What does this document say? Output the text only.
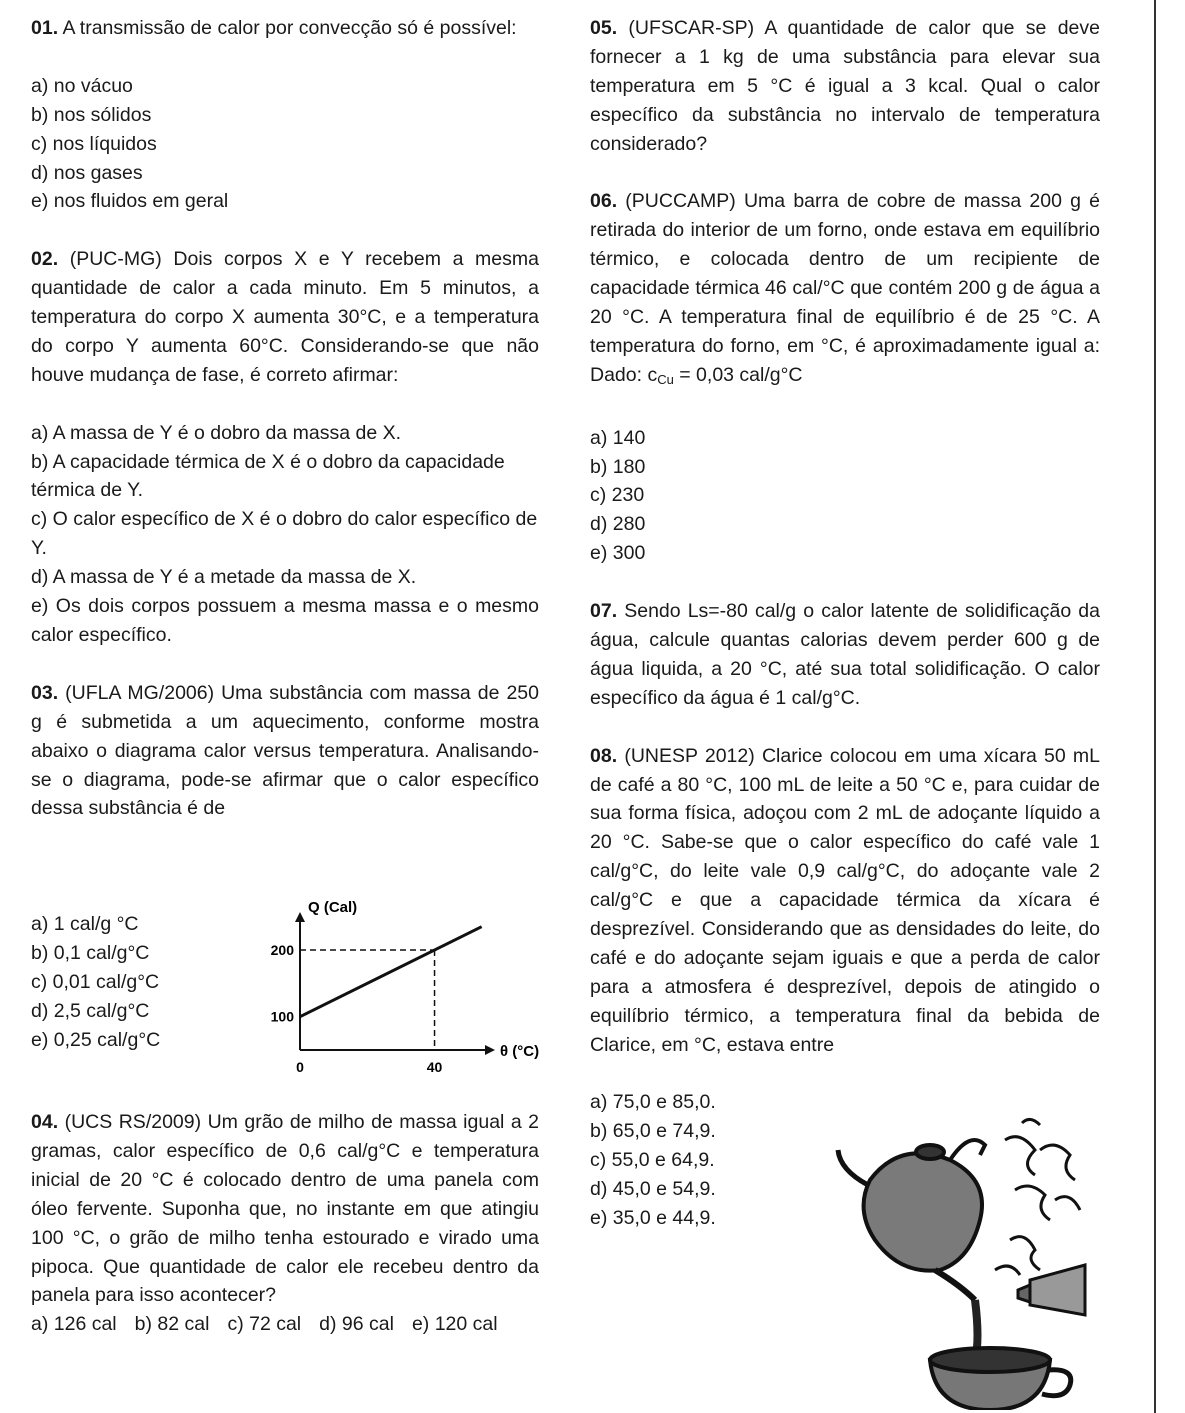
01. A transmissão de calor por convecção só é possível:

a) no vácuo
b) nos sólidos
c) nos líquidos
d) nos gases
e) nos fluidos em geral

02. (PUC-MG) Dois corpos X e Y recebem a mesma quantidade de calor a cada minuto. Em 5 minutos, a temperatura do corpo X aumenta 30°C, e a temperatura do corpo Y aumenta 60°C. Considerando-se que não houve mudança de fase, é correto afirmar:

a) A massa de Y é o dobro da massa de X.
b) A capacidade térmica de X é o dobro da capacidade térmica de Y.
c) O calor específico de X é o dobro do calor específico de Y.
d) A massa de Y é a metade da massa de X.
e) Os dois corpos possuem a mesma massa e o mesmo calor específico.

03. (UFLA MG/2006) Uma substância com massa de 250 g é submetida a um aquecimento, conforme mostra abaixo o diagrama calor versus temperatura. Analisando-se o diagrama, pode-se afirmar que o calor específico dessa substância é de

a) 1 cal/g °C
b) 0,1 cal/g°C
c) 0,01 cal/g°C
d) 2,5 cal/g°C
e) 0,25 cal/g°C
Q (Cal)
θ (°C)
100
200
0	40

04. (UCS RS/2009) Um grão de milho de massa igual a 2 gramas, calor específico de 0,6 cal/g°C e temperatura inicial de 20 °C é colocado dentro de uma panela com óleo fervente. Suponha que, no instante em que atingiu 100 °C, o grão de milho tenha estourado e virado uma pipoca. Que quantidade de calor ele recebeu dentro da panela para isso acontecer?

a) 126 cal b) 82 cal c) 72 cal d) 96 cal e) 120 cal

05. (UFSCAR-SP) A quantidade de calor que se deve fornecer a 1 kg de uma substância para elevar sua temperatura em 5 °C é igual a 3 kcal. Qual o calor específico da substância no intervalo de temperatura considerado?

06. (PUCCAMP) Uma barra de cobre de massa 200 g é retirada do interior de um forno, onde estava em equilíbrio térmico, e colocada dentro de um recipiente de capacidade térmica 46 cal/°C que contém 200 g de água a 20 °C. A temperatura final de equilíbrio é de 25 °C. A temperatura do forno, em °C, é aproximadamente igual a: Dado: $c_{Cu} = 0,03$ cal/g°C

a) 140
b) 180
c) 230
d) 280
e) 300

07. Sendo Ls=-80 cal/g o calor latente de solidificação da água, calcule quantas calorias devem perder 600 g de água liquida, a 20 °C, até sua total solidificação. O calor específico da água é 1 cal/g°C.

08. (UNESP 2012) Clarice colocou em uma xícara 50 mL de café a 80 °C, 100 mL de leite a 50 °C e, para cuidar de sua forma física, adoçou com 2 mL de adoçante líquido a 20 °C. Sabe-se que o calor específico do café vale 1 cal/g°C, do leite vale 0,9 cal/g°C, do adoçante vale 2 cal/g°C e que a capacidade térmica da xícara é desprezível. Considerando que as densidades do leite, do café e do adoçante sejam iguais e que a perda de calor para a atmosfera é desprezível, depois de atingido o equilíbrio térmico, a temperatura final da bebida de Clarice, em °C, estava entre

a) 75,0 e 85,0.
b) 65,0 e 74,9.
c) 55,0 e 64,9.
d) 45,0 e 54,9.
e) 35,0 e 44,9.
